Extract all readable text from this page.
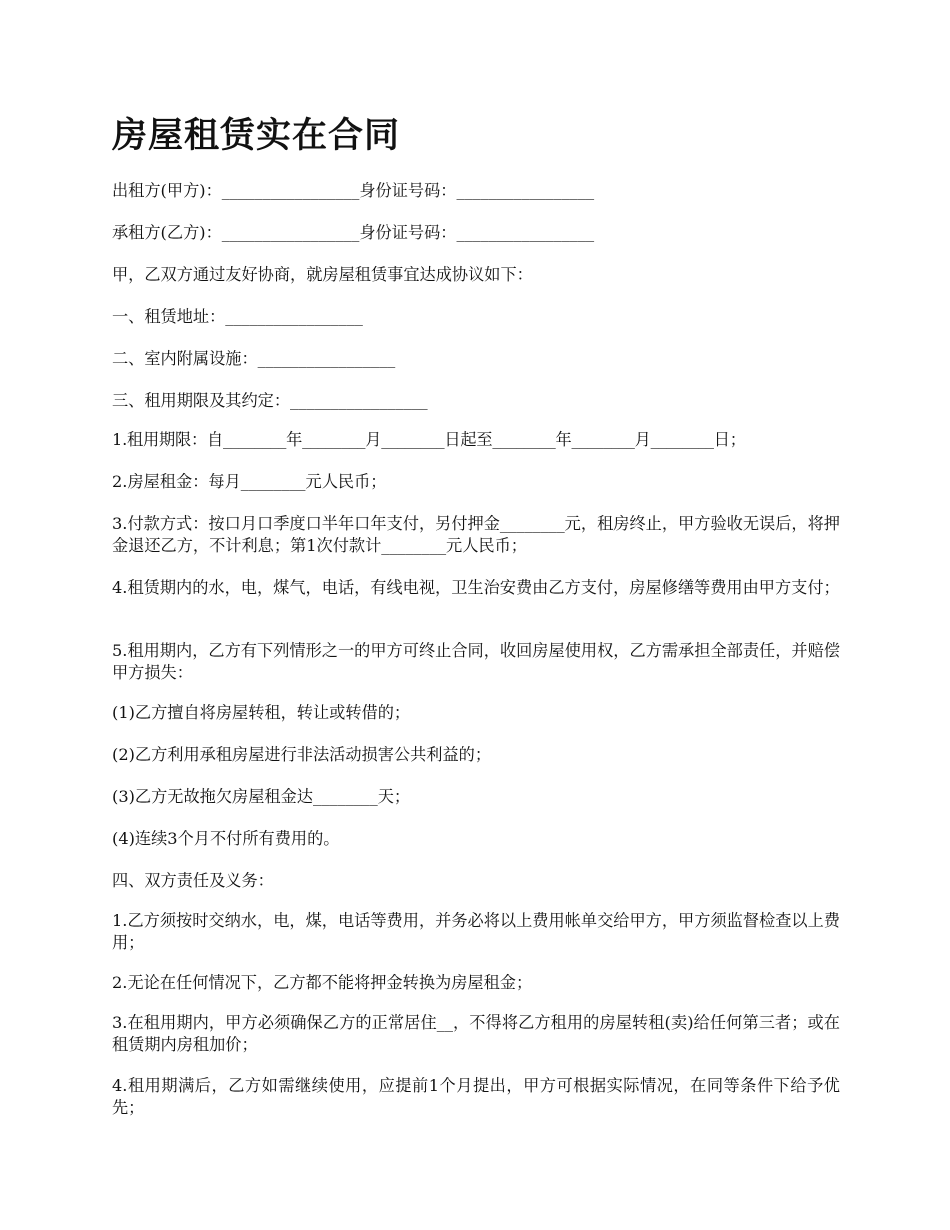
房屋租赁实在合同

出租方(甲方)：_________________身份证号码：_________________

承租方(乙方)：_________________身份证号码：_________________

甲，乙双方通过友好协商，就房屋租赁事宜达成协议如下：

一、租赁地址：_________________

二、室内附属设施：_________________

三、租用期限及其约定：_________________

1.租用期限：自________年________月________日起至________年________月________日；

2.房屋租金：每月________元人民币；

3.付款方式：按口月口季度口半年口年支付，另付押金________元，租房终止，甲方验收无误后，将押金退还乙方，不计利息；第1次付款计________元人民币；

4.租赁期内的水，电，煤气，电话，有线电视，卫生治安费由乙方支付，房屋修缮等费用由甲方支付；

5.租用期内，乙方有下列情形之一的甲方可终止合同，收回房屋使用权，乙方需承担全部责任，并赔偿甲方损失：

(1)乙方擅自将房屋转租，转让或转借的；

(2)乙方利用承租房屋进行非法活动损害公共利益的；

(3)乙方无故拖欠房屋租金达________天；

(4)连续3个月不付所有费用的。

四、双方责任及义务：

1.乙方须按时交纳水，电，煤，电话等费用，并务必将以上费用帐单交给甲方，甲方须监督检查以上费用；

2.无论在任何情况下，乙方都不能将押金转换为房屋租金；

3.在租用期内，甲方必须确保乙方的正常居住__，不得将乙方租用的房屋转租(卖)给任何第三者；或在租赁期内房租加价；

4.租用期满后，乙方如需继续使用，应提前1个月提出，甲方可根据实际情况，在同等条件下给予优先；
